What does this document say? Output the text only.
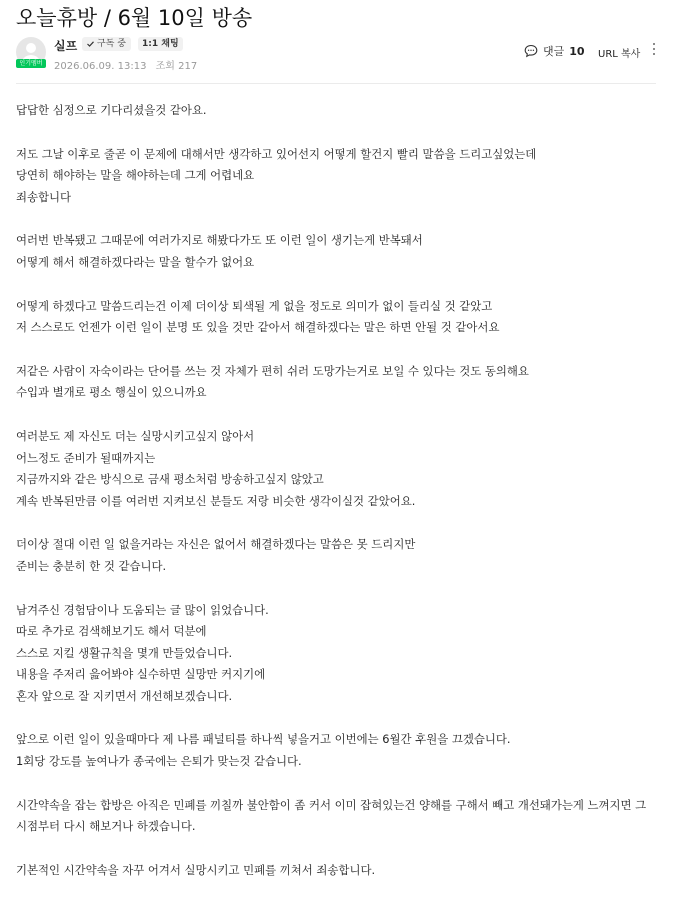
오늘휴방 / 6월 10일 방송
인기멤버
실프 구독 중	1:1 채팅
2026.06.09. 13:13 조회 217
댓글 10 URL 복사
답답한 심정으로 기다리셨을것 같아요.
저도 그날 이후로 줄곧 이 문제에 대해서만 생각하고 있어선지 어떻게 할건지 빨리 말씀을 드리고싶었는데
당연히 해야하는 말을 해야하는데 그게 어렵네요
죄송합니다
여러번 반복됐고 그때문에 여러가지로 해봤다가도 또 이런 일이 생기는게 반복돼서
어떻게 해서 해결하겠다라는 말을 할수가 없어요
어떻게 하겠다고 말씀드리는건 이제 더이상 퇴색될 게 없을 정도로 의미가 없이 들리실 것 같았고
저 스스로도 언젠가 이런 일이 분명 또 있을 것만 같아서 해결하겠다는 말은 하면 안될 것 같아서요
저같은 사람이 자숙이라는 단어를 쓰는 것 자체가 편히 쉬러 도망가는거로 보일 수 있다는 것도 동의해요
수입과 별개로 평소 행실이 있으니까요
여러분도 제 자신도 더는 실망시키고싶지 않아서
어느정도 준비가 될때까지는
지금까지와 같은 방식으로 금새 평소처럼 방송하고싶지 않았고
계속 반복된만큼 이를 여러번 지켜보신 분들도 저랑 비슷한 생각이실것 같았어요.
더이상 절대 이런 일 없을거라는 자신은 없어서 해결하겠다는 말씀은 못 드리지만
준비는 충분히 한 것 같습니다.
남겨주신 경험담이나 도움되는 글 많이 읽었습니다.
따로 추가로 검색해보기도 해서 덕분에
스스로 지킬 생활규칙을 몇개 만들었습니다.
내용을 주저리 읊어봐야 실수하면 실망만 커지기에
혼자 앞으로 잘 지키면서 개선해보겠습니다.
앞으로 이런 일이 있을때마다 제 나름 패널티를 하나씩 넣을거고 이번에는 6월간 후원을 끄겠습니다.
1회당 강도를 높여나가 종국에는 은퇴가 맞는것 같습니다.
시간약속을 잡는 합방은 아직은 민폐를 끼칠까 불안함이 좀 커서 이미 잡혀있는건 양해를 구해서 빼고 개선돼가는게 느껴지면 그
시점부터 다시 해보거나 하겠습니다.
기본적인 시간약속을 자꾸 어겨서 실망시키고 민폐를 끼쳐서 죄송합니다.
